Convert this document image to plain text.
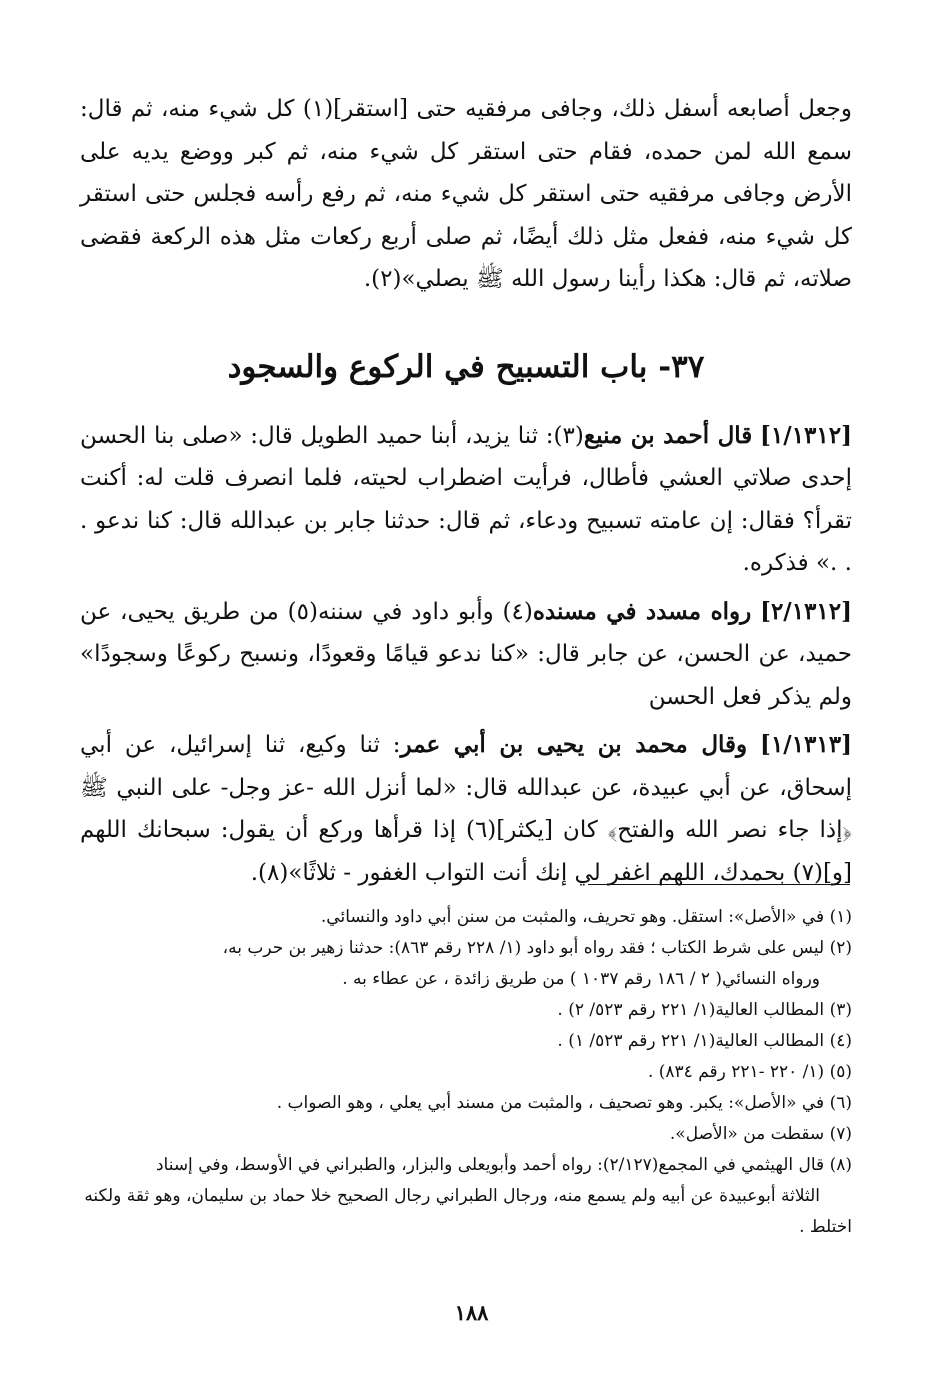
وجعل أصابعه أسفل ذلك، وجافى مرفقيه حتى [استقر](١) كل شيء منه، ثم قال: سمع الله لمن حمده، فقام حتى استقر كل شيء منه، ثم كبر ووضع يديه على الأرض وجافى مرفقيه حتى استقر كل شيء منه، ثم رفع رأسه فجلس حتى استقر كل شيء منه، ففعل مثل ذلك أيضًا، ثم صلى أربع ركعات مثل هذه الركعة فقضى صلاته، ثم قال: هكذا رأينا رسول الله ﷺ يصلي»(٢).

٣٧- باب التسبيح في الركوع والسجود

[١/١٣١٢] قال أحمد بن منيع(٣): ثنا يزيد، أبنا حميد الطويل قال: «صلى بنا الحسن إحدى صلاتي العشي فأطال، فرأيت اضطراب لحيته، فلما انصرف قلت له: أكنت تقرأ؟ فقال: إن عامته تسبيح ودعاء، ثم قال: حدثنا جابر بن عبدالله قال: كنا ندعو . . .» فذكره.

[٢/١٣١٢] رواه مسدد في مسنده(٤) وأبو داود في سننه(٥) من طريق يحيى، عن حميد، عن الحسن، عن جابر قال: «كنا ندعو قيامًا وقعودًا، ونسبح ركوعًا وسجودًا» ولم يذكر فعل الحسن

[١/١٣١٣] وقال محمد بن يحيى بن أبي عمر: ثنا وكيع، ثنا إسرائيل، عن أبي إسحاق، عن أبي عبيدة، عن عبدالله قال: «لما أنزل الله -عز وجل- على النبي ﷺ ﴿إذا جاء نصر الله والفتح﴾ كان [يكثر](٦) إذا قرأها وركع أن يقول: سبحانك اللهم [و](٧) بحمدك، اللهم اغفر لي إنك أنت التواب الغفور - ثلاثًا»(٨).

(١) في «الأصل»: استقل. وهو تحريف، والمثبت من سنن أبي داود والنسائي.

(٢) ليس على شرط الكتاب ؛ فقد رواه أبو داود (١/ ٢٢٨ رقم ٨٦٣): حدثنا زهير بن حرب به،
ورواه النسائي( ٢ / ١٨٦ رقم ١٠٣٧ ) من طريق زائدة ، عن عطاء به .

(٣) المطالب العالية(١/ ٢٢١ رقم ٥٢٣/ ٢) .

(٤) المطالب العالية(١/ ٢٢١ رقم ٥٢٣/ ١) .

(٥) (١/ ٢٢٠ -٢٢١ رقم ٨٣٤) .

(٦) في «الأصل»: يكبر. وهو تصحيف ، والمثبت من مسند أبي يعلي ، وهو الصواب .

(٧) سقطت من «الأصل».

(٨) قال الهيثمي في المجمع(٢/١٢٧): رواه أحمد وأبويعلى والبزار، والطبراني في الأوسط، وفي إسناد
الثلاثة أبوعبيدة عن أبيه ولم يسمع منه، ورجال الطبراني رجال الصحيح خلا حماد بن سليمان، وهو ثقة ولكنه اختلط .

١٨٨
